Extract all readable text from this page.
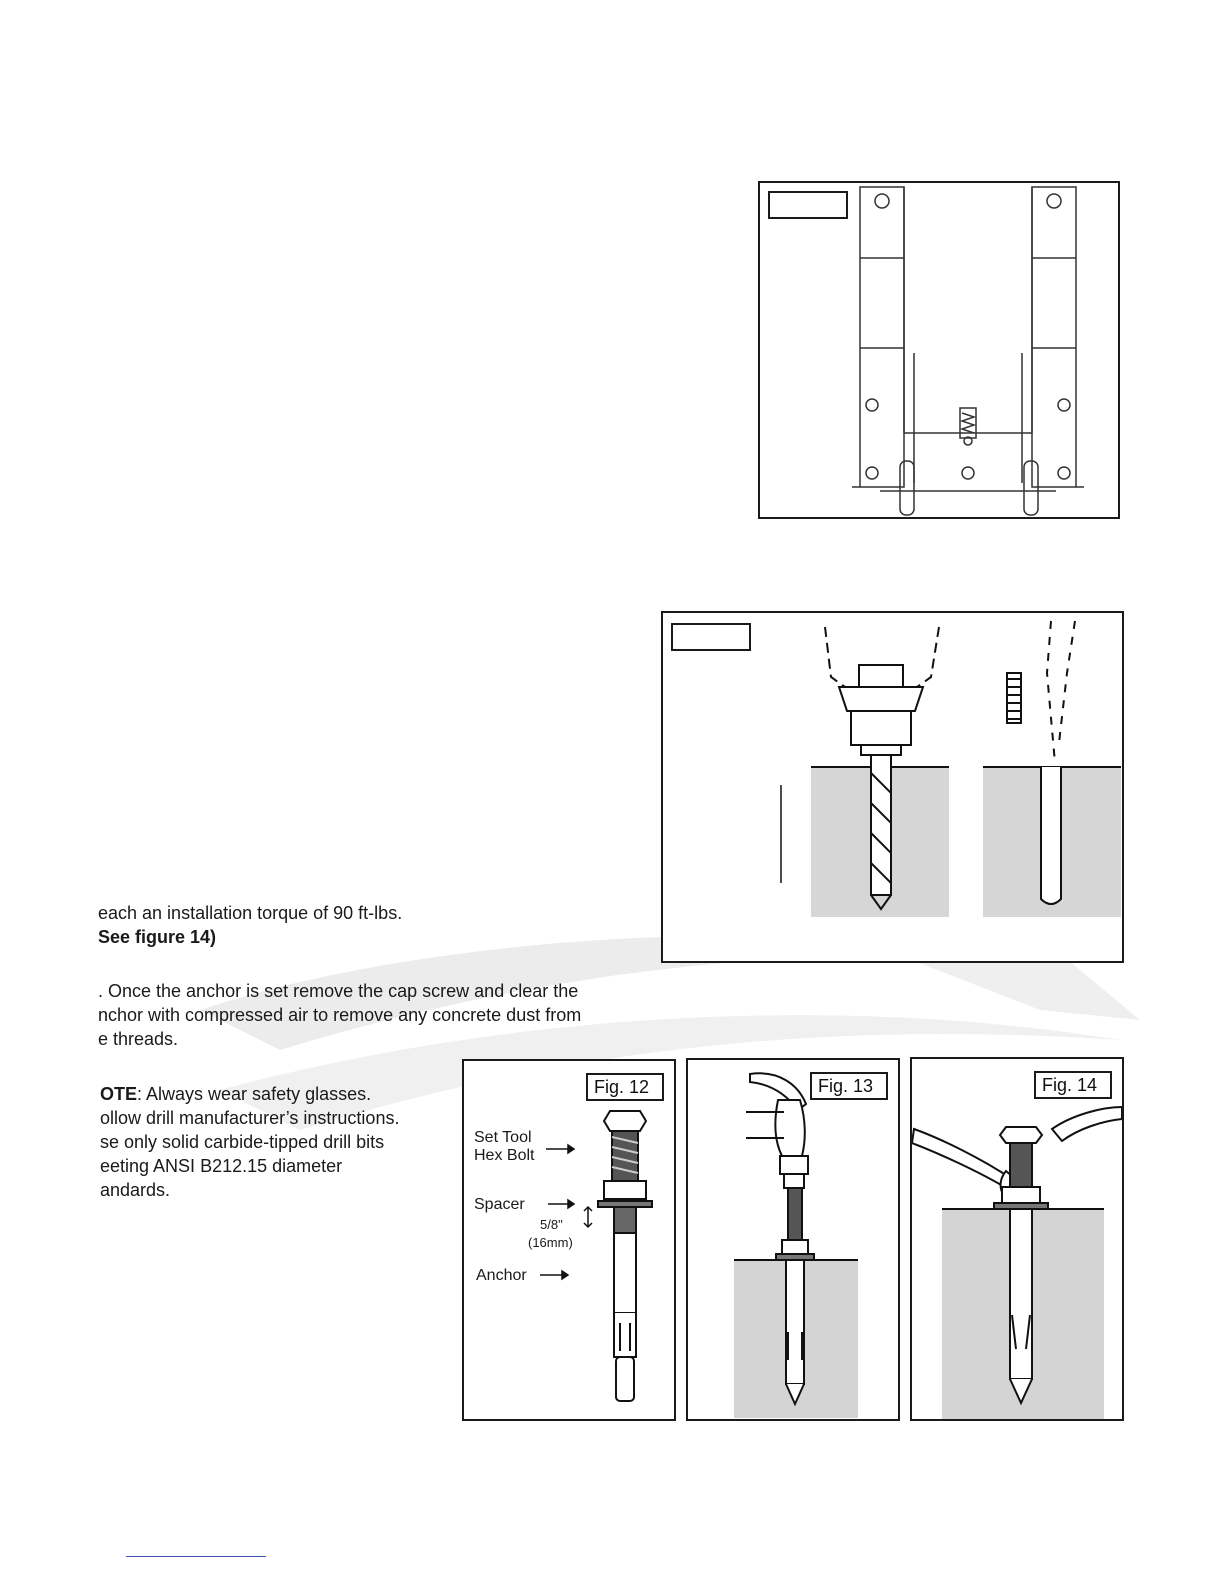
each an installation torque of 90 ft-lbs.
See figure 14)
. Once the anchor is set remove the cap screw and clear the
nchor with compressed air to remove any concrete dust from
e threads.
OTE: Always wear safety glasses.
ollow drill manufacturer’s instructions.
se only solid carbide-tipped drill bits
eeting ANSI B212.15 diameter
andards.
Fig. 12
Set Tool
Hex Bolt
Spacer
5/8"
(16mm)
Anchor
Fig. 13	Fig. 14
